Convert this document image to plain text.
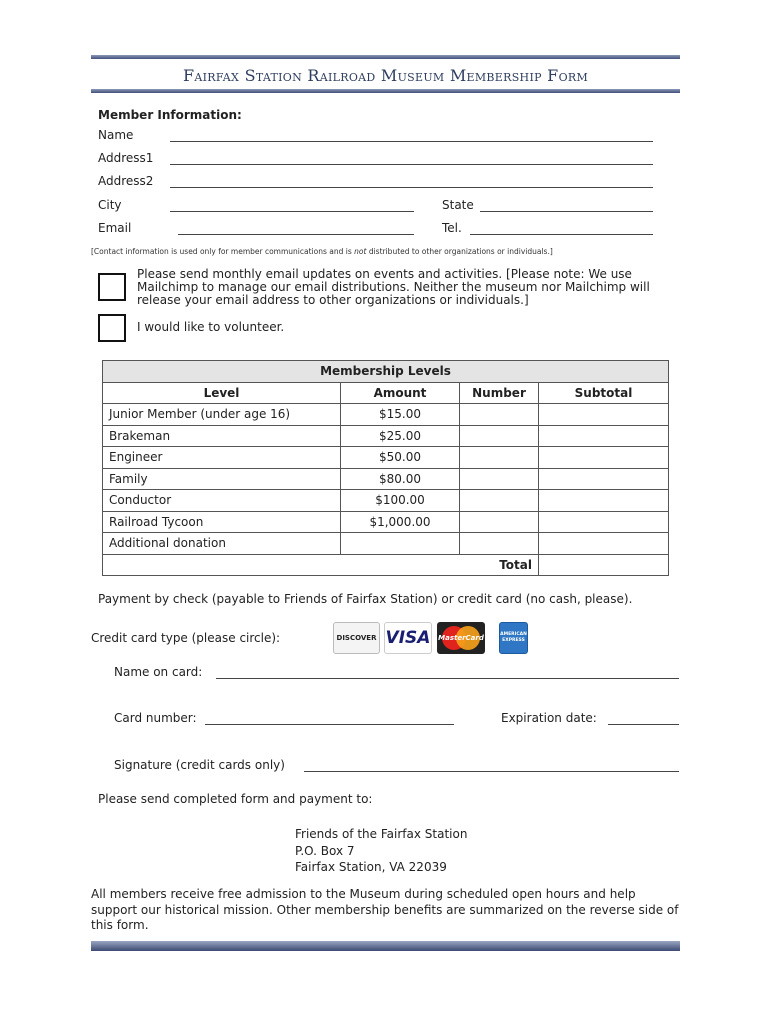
Fairfax Station Railroad Museum Membership Form
Member Information:
Name
Address1
Address2
City	State
Email	Tel.
[Contact information is used only for member communications and is not distributed to other organizations or individuals.]
Please send monthly email updates on events and activities. [Please note: We use Mailchimp to manage our email distributions. Neither the museum nor Mailchimp will release your email address to other organizations or individuals.]
I would like to volunteer.
Membership Levels			
Level	Amount	Number	Subtotal
Junior Member (under age 16)	$15.00		
Brakeman	$25.00		
Engineer	$50.00		
Family	$80.00		
Conductor	$100.00		
Railroad Tycoon	$1,000.00		
Additional donation			
Total			
Payment by check (payable to Friends of Fairfax Station) or credit card (no cash, please).
Credit card type (please circle):	DISCOVER VISA MasterCard	AMERICAN EXPRESS
Name on card:
Card number:	Expiration date:
Signature (credit cards only)
Please send completed form and payment to:
Friends of the Fairfax Station
P.O. Box 7
Fairfax Station, VA 22039
All members receive free admission to the Museum during scheduled open hours and help support our historical mission. Other membership benefits are summarized on the reverse side of this form.
